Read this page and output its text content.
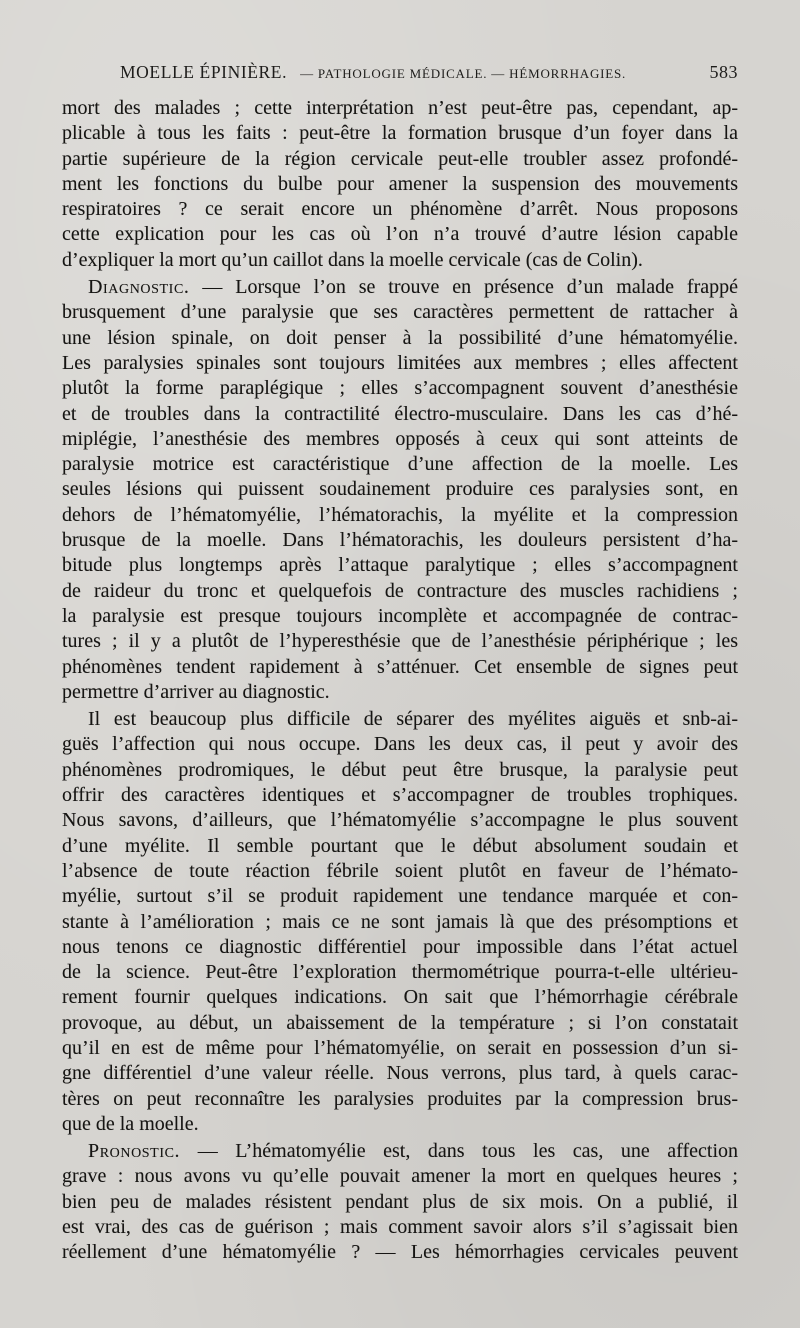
MOELLE ÉPINIÈRE. — PATHOLOGIE MÉDICALE. — HÉMORRHAGIES.	583
mort des malades ; cette interprétation n’est peut-être pas, cependant, ap-
plicable à tous les faits : peut-être la formation brusque d’un foyer dans la
partie supérieure de la région cervicale peut-elle troubler assez profondé-
ment les fonctions du bulbe pour amener la suspension des mouvements
respiratoires ? ce serait encore un phénomène d’arrêt. Nous proposons
cette explication pour les cas où l’on n’a trouvé d’autre lésion capable
d’expliquer la mort qu’un caillot dans la moelle cervicale (cas de Colin).
Diagnostic. — Lorsque l’on se trouve en présence d’un malade frappé
brusquement d’une paralysie que ses caractères permettent de rattacher à
une lésion spinale, on doit penser à la possibilité d’une hématomyélie.
Les paralysies spinales sont toujours limitées aux membres ; elles affectent
plutôt la forme paraplégique ; elles s’accompagnent souvent d’anesthésie
et de troubles dans la contractilité électro-musculaire. Dans les cas d’hé-
miplégie, l’anesthésie des membres opposés à ceux qui sont atteints de
paralysie motrice est caractéristique d’une affection de la moelle. Les
seules lésions qui puissent soudainement produire ces paralysies sont, en
dehors de l’hématomyélie, l’hématorachis, la myélite et la compression
brusque de la moelle. Dans l’hématorachis, les douleurs persistent d’ha-
bitude plus longtemps après l’attaque paralytique ; elles s’accompagnent
de raideur du tronc et quelquefois de contracture des muscles rachidiens ;
la paralysie est presque toujours incomplète et accompagnée de contrac-
tures ; il y a plutôt de l’hyperesthésie que de l’anesthésie périphérique ; les
phénomènes tendent rapidement à s’atténuer. Cet ensemble de signes peut
permettre d’arriver au diagnostic.
Il est beaucoup plus difficile de séparer des myélites aiguës et snb-ai-
guës l’affection qui nous occupe. Dans les deux cas, il peut y avoir des
phénomènes prodromiques, le début peut être brusque, la paralysie peut
offrir des caractères identiques et s’accompagner de troubles trophiques.
Nous savons, d’ailleurs, que l’hématomyélie s’accompagne le plus souvent
d’une myélite. Il semble pourtant que le début absolument soudain et
l’absence de toute réaction fébrile soient plutôt en faveur de l’hémato-
myélie, surtout s’il se produit rapidement une tendance marquée et con-
stante à l’amélioration ; mais ce ne sont jamais là que des présomptions et
nous tenons ce diagnostic différentiel pour impossible dans l’état actuel
de la science. Peut-être l’exploration thermométrique pourra-t-elle ultérieu-
rement fournir quelques indications. On sait que l’hémorrhagie cérébrale
provoque, au début, un abaissement de la température ; si l’on constatait
qu’il en est de même pour l’hématomyélie, on serait en possession d’un si-
gne différentiel d’une valeur réelle. Nous verrons, plus tard, à quels carac-
tères on peut reconnaître les paralysies produites par la compression brus-
que de la moelle.
Pronostic. — L’hématomyélie est, dans tous les cas, une affection
grave : nous avons vu qu’elle pouvait amener la mort en quelques heures ;
bien peu de malades résistent pendant plus de six mois. On a publié, il
est vrai, des cas de guérison ; mais comment savoir alors s’il s’agissait bien
réellement d’une hématomyélie ? — Les hémorrhagies cervicales peuvent
